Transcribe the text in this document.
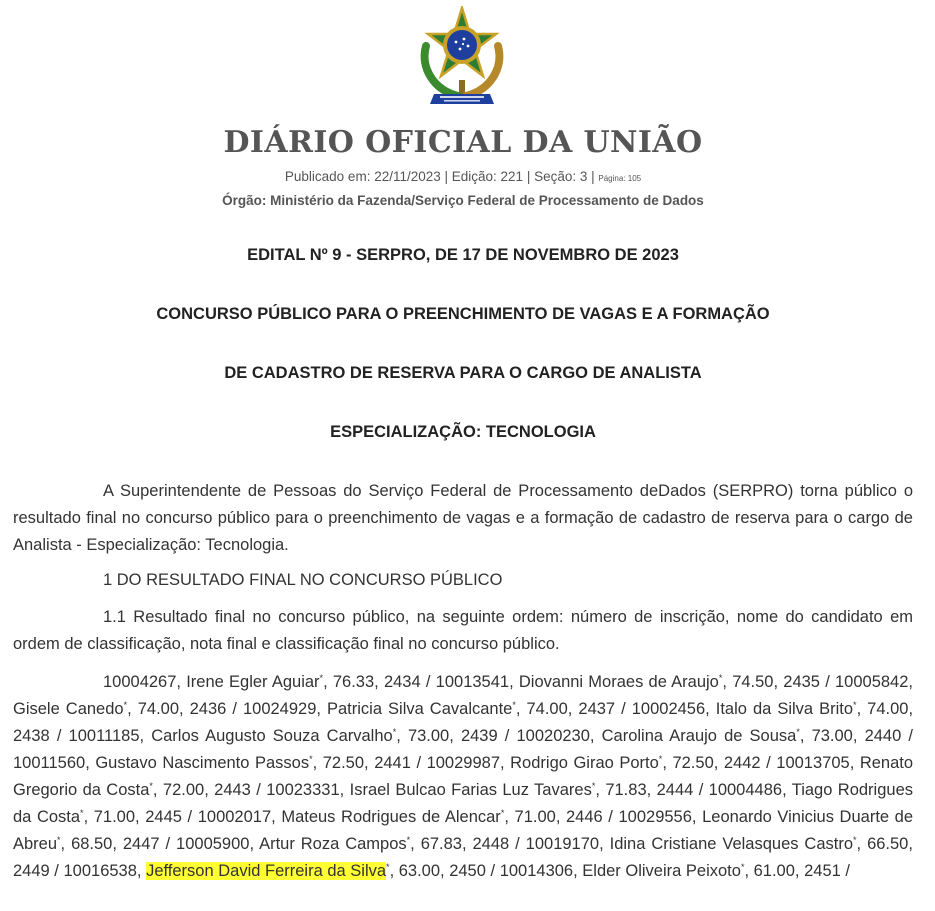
DIÁRIO OFICIAL DA UNIÃO
Publicado em: 22/11/2023 | Edição: 221 | Seção: 3 | Página: 105
Órgão: Ministério da Fazenda/Serviço Federal de Processamento de Dados
EDITAL Nº 9 - SERPRO, DE 17 DE NOVEMBRO DE 2023
CONCURSO PÚBLICO PARA O PREENCHIMENTO DE VAGAS E A FORMAÇÃO
DE CADASTRO DE RESERVA PARA O CARGO DE ANALISTA
ESPECIALIZAÇÃO: TECNOLOGIA

A Superintendente de Pessoas do Serviço Federal de Processamento deDados (SERPRO) torna público o resultado final no concurso público para o preenchimento de vagas e a formação de cadastro de reserva para o cargo de Analista - Especialização: Tecnologia.

1 DO RESULTADO FINAL NO CONCURSO PÚBLICO

1.1 Resultado final no concurso público, na seguinte ordem: número de inscrição, nome do candidato em ordem de classificação, nota final e classificação final no concurso público.

10004267, Irene Egler Aguiar*, 76.33, 2434 / 10013541, Diovanni Moraes de Araujo*, 74.50, 2435 / 10005842, Gisele Canedo*, 74.00, 2436 / 10024929, Patricia Silva Cavalcante*, 74.00, 2437 / 10002456, Italo da Silva Brito*, 74.00, 2438 / 10011185, Carlos Augusto Souza Carvalho*, 73.00, 2439 / 10020230, Carolina Araujo de Sousa*, 73.00, 2440 / 10011560, Gustavo Nascimento Passos*, 72.50, 2441 / 10029987, Rodrigo Girao Porto*, 72.50, 2442 / 10013705, Renato Gregorio da Costa*, 72.00, 2443 / 10023331, Israel Bulcao Farias Luz Tavares*, 71.83, 2444 / 10004486, Tiago Rodrigues da Costa*, 71.00, 2445 / 10002017, Mateus Rodrigues de Alencar*, 71.00, 2446 / 10029556, Leonardo Vinicius Duarte de Abreu*, 68.50, 2447 / 10005900, Artur Roza Campos*, 67.83, 2448 / 10019170, Idina Cristiane Velasques Castro*, 66.50, 2449 / 10016538, Jefferson David Ferreira da Silva*, 63.00, 2450 / 10014306, Elder Oliveira Peixoto*, 61.00, 2451 /
